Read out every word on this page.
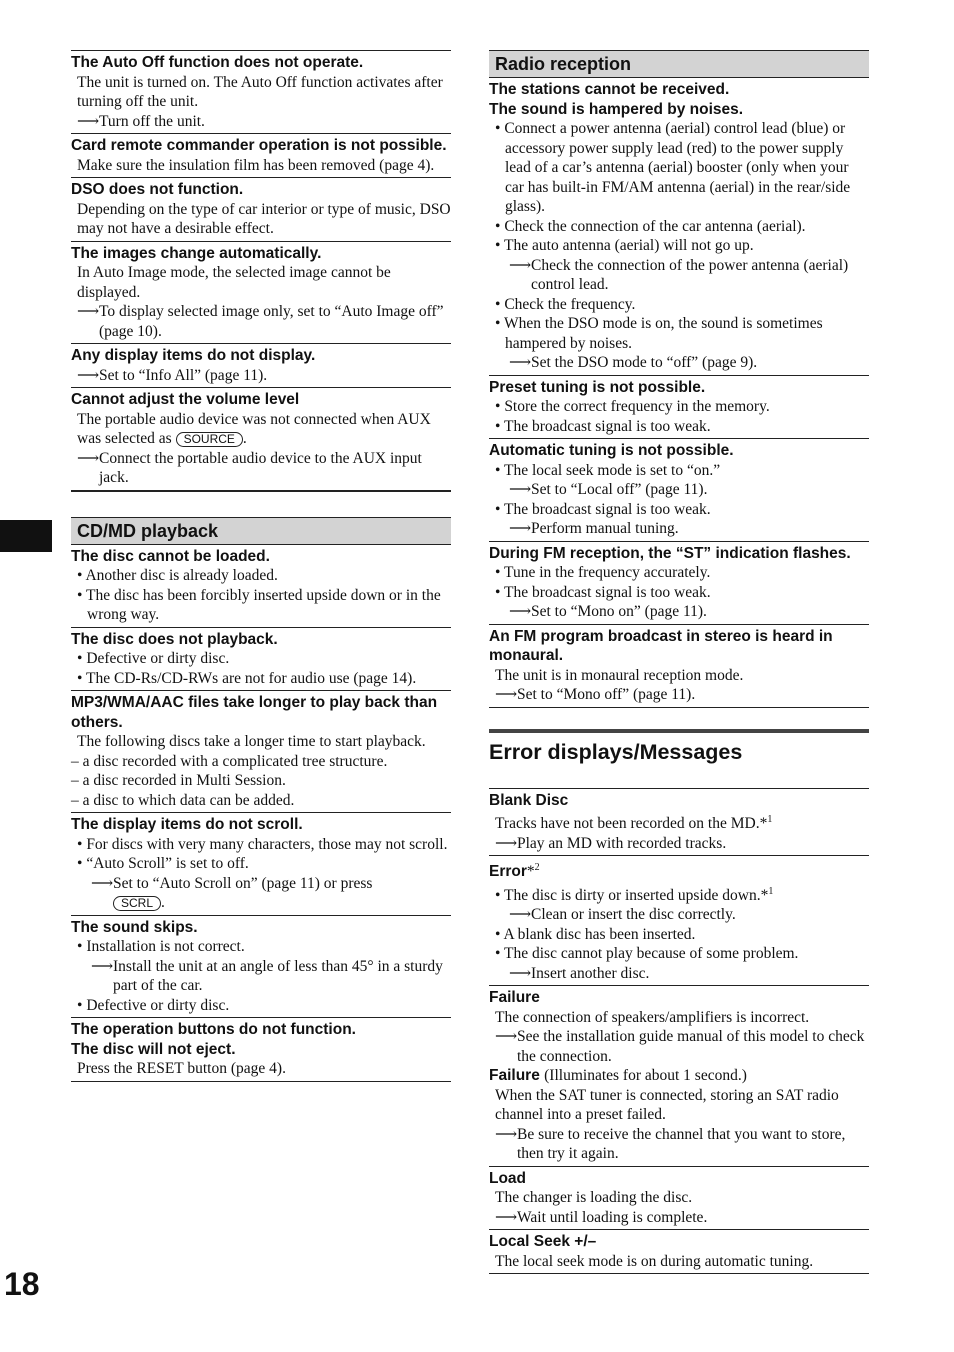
The Auto Off function does not operate.
The unit is turned on. The Auto Off function activates after turning off the unit.
⟶Turn off the unit.
Card remote commander operation is not possible.
Make sure the insulation film has been removed (page 4).
DSO does not function.
Depending on the type of car interior or type of music, DSO may not have a desirable effect.
The images change automatically.
In Auto Image mode, the selected image cannot be displayed.
⟶To display selected image only, set to “Auto Image off” (page 10).
Any display items do not display.
⟶Set to “Info All” (page 11).
Cannot adjust the volume level
The portable audio device was not connected when AUX was selected as SOURCE .
⟶Connect the portable audio device to the AUX input jack.
CD/MD playback
The disc cannot be loaded.
• Another disc is already loaded.
• The disc has been forcibly inserted upside down or in the wrong way.
The disc does not playback.
• Defective or dirty disc.
• The CD-Rs/CD-RWs are not for audio use (page 14).
MP3/WMA/AAC files take longer to play back than others.
The following discs take a longer time to start playback.
– a disc recorded with a complicated tree structure.
– a disc recorded in Multi Session.
– a disc to which data can be added.
The display items do not scroll.
• For discs with very many characters, those may not scroll.
• “Auto Scroll” is set to off.
⟶Set to “Auto Scroll on” (page 11) or press
SCRL .
The sound skips.
• Installation is not correct.
⟶Install the unit at an angle of less than 45° in a sturdy part of the car.
• Defective or dirty disc.
The operation buttons do not function.
The disc will not eject.
Press the RESET button (page 4).
Radio reception
The stations cannot be received.
The sound is hampered by noises.
• Connect a power antenna (aerial) control lead (blue) or accessory power supply lead (red) to the power supply lead of a car’s antenna (aerial) booster (only when your car has built-in FM/AM antenna (aerial) in the rear/side glass).
• Check the connection of the car antenna (aerial).
• The auto antenna (aerial) will not go up.
⟶Check the connection of the power antenna (aerial) control lead.
• Check the frequency.
• When the DSO mode is on, the sound is sometimes hampered by noises.
⟶Set the DSO mode to “off” (page 9).
Preset tuning is not possible.
• Store the correct frequency in the memory.
• The broadcast signal is too weak.
Automatic tuning is not possible.
• The local seek mode is set to “on.”
⟶Set to “Local off” (page 11).
• The broadcast signal is too weak.
⟶Perform manual tuning.
During FM reception, the “ST” indication flashes.
• Tune in the frequency accurately.
• The broadcast signal is too weak.
⟶Set to “Mono on” (page 11).
An FM program broadcast in stereo is heard in monaural.
The unit is in monaural reception mode.
⟶Set to “Mono off” (page 11).
Error displays/Messages
Blank Disc
Tracks have not been recorded on the MD.*$^1$
⟶Play an MD with recorded tracks.
Error*$^2$
• The disc is dirty or inserted upside down.*$^1$
⟶Clean or insert the disc correctly.
• A blank disc has been inserted.
• The disc cannot play because of some problem.
⟶Insert another disc.
Failure
The connection of speakers/amplifiers is incorrect.
⟶See the installation guide manual of this model to check the connection.
Failure (Illuminates for about 1 second.)
When the SAT tuner is connected, storing an SAT radio channel into a preset failed.
⟶Be sure to receive the channel that you want to store, then try it again.
Load
The changer is loading the disc.
⟶Wait until loading is complete.
Local Seek +/–
The local seek mode is on during automatic tuning.
18
